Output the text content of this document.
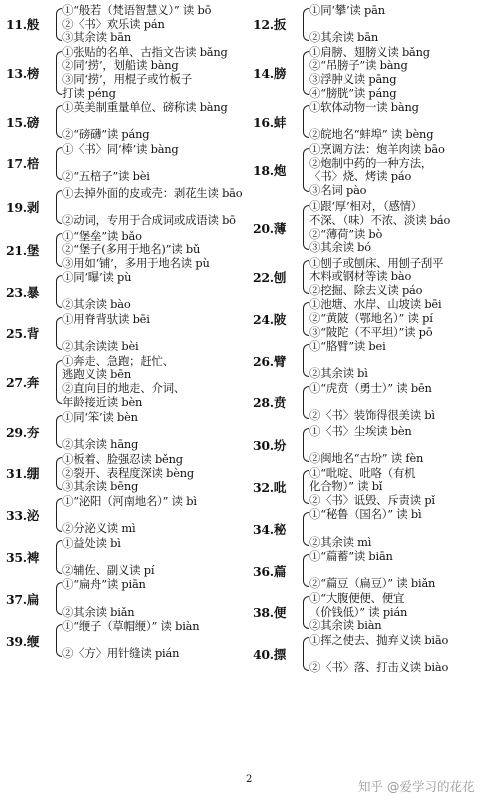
11.般
①“般若（梵语智慧义）” 读 bō
②〈书〉欢乐读 pán
③其余读 bān
13.榜
①张贴的名单、古指文告读 bǎng
②同‘捞’，划船读 bàng
③同‘捞’，用棍子或竹板子
打读 péng
15.磅
①英美制重量单位、磅称读 bàng

②“磅礴”读 páng
17.棓
①〈书〉同‘棒’读 bàng

②“五棓子”读 bèi
19.剥
①去掉外面的皮或壳：剥花生读 bāo

②动词，专用于合成词或成语读 bō
21.堡
①“堡垒”读 bǎo
②“堡子(多用于地名)”读 bǔ
③用如‘铺’，多用于地名读 pù
23.暴
①同‘曝’读 pù

②其余读 bào
25.背
①用脊背驮读 bēi

②其余读读 bèi
27.奔
①奔走、急跑；赶忙、
逃跑义读 bēn
②直向目的地走、介词、
年龄接近读 bèn
29.夯
①同‘笨’读 bèn

②其余读 hāng
31.绷
①板着、脸强忍读 běng
②裂开、表程度深读 bèng
③其余读 bēng
33.泌
①“泌阳（河南地名）” 读 bì

②分泌义读 mì
35.裨
①益处读 bì

②辅佐、副义读 pí
37.扁
①“扁舟”读 piān

②其余读 biǎn
39.缏
①“缏子（草帽缏）” 读 biàn

②〈方〉用针缝读 pián
12.扳
①同‘攀’读 pān

②其余读 bān
14.膀
①肩膀、翅膀义读 bǎng
②“吊膀子”读 bàng
③浮肿义读 pāng
④“膀胱”读 páng
16.蚌
①软体动物一读 bàng

②皖地名“蚌埠” 读 bèng
18.炮
①烹调方法：炮羊肉读 bāo
②炮制中药的一种方法，
〈书〉烧、烤读 páo
③名词 pào
20.薄
①跟‘厚’相对，（感情）
不深、（味）不浓、淡读 báo
②“薄荷”读 bò
③其余读 bó
22.刨
①刨子或刨床、用刨子刮平
木料或钢材等读 bào
②挖掘、除去义读 páo
24.陂
①池塘、水岸、山坡读 bēi
②“黄陂（鄂地名）” 读 pí
③“陂陀（不平坦）”读 pō
26.臂
①“胳臂”读 bei

②其余读 bì
28.贲
①“虎贲（勇士）” 读 bēn

②〈书〉装饰得很美读 bì
30.坋
①〈书〉尘埃读 bèn

②闽地名“古坋” 读 fèn
32.吡
①“吡啶、吡咯（有机
化合物）” 读 bǐ
②〈书〉诋毁、斥责读 pǐ
34.秘
①“秘鲁（国名）” 读 bì

②其余读 mì
36.萹
①“萹蓄”读 biān

②“萹豆（扁豆）” 读 biǎn
38.便
①“大腹便便、便宜
（价钱低）” 读 pián
②其余读 biàn
40.摽
①挥之使去、抛弃义读 biāo

②〈书〉落、打击义读 biào
2	知乎 @爱学习的花花
